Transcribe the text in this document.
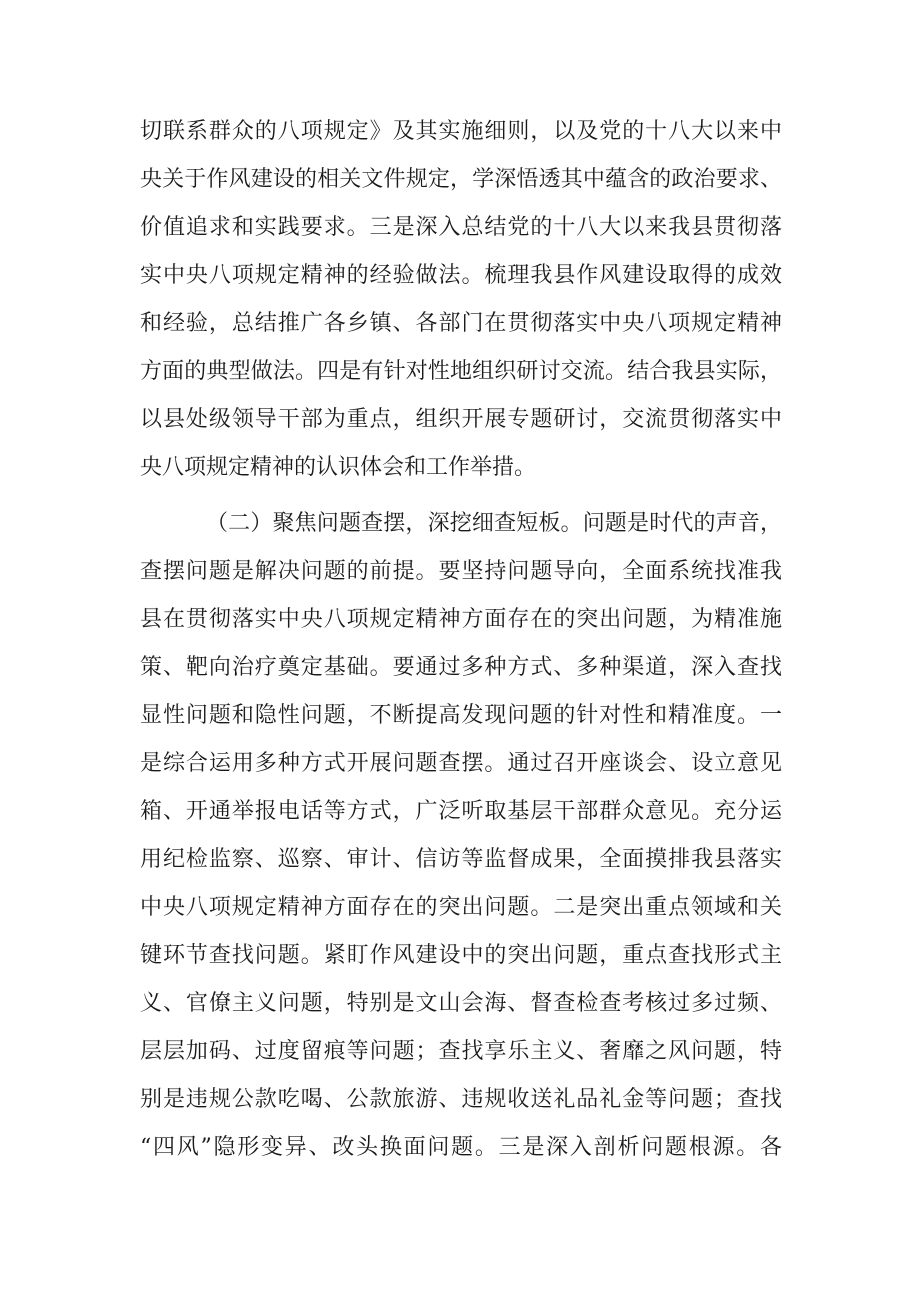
切联系群众的八项规定》及其实施细则，以及党的十八大以来中
央关于作风建设的相关文件规定，学深悟透其中蕴含的政治要求、
价值追求和实践要求。三是深入总结党的十八大以来我县贯彻落
实中央八项规定精神的经验做法。梳理我县作风建设取得的成效
和经验，总结推广各乡镇、各部门在贯彻落实中央八项规定精神
方面的典型做法。四是有针对性地组织研讨交流。结合我县实际，
以县处级领导干部为重点，组织开展专题研讨，交流贯彻落实中
央八项规定精神的认识体会和工作举措。
（二）聚焦问题查摆，深挖细查短板。问题是时代的声音，
查摆问题是解决问题的前提。要坚持问题导向，全面系统找准我
县在贯彻落实中央八项规定精神方面存在的突出问题，为精准施
策、靶向治疗奠定基础。要通过多种方式、多种渠道，深入查找
显性问题和隐性问题，不断提高发现问题的针对性和精准度。一
是综合运用多种方式开展问题查摆。通过召开座谈会、设立意见
箱、开通举报电话等方式，广泛听取基层干部群众意见。充分运
用纪检监察、巡察、审计、信访等监督成果，全面摸排我县落实
中央八项规定精神方面存在的突出问题。二是突出重点领域和关
键环节查找问题。紧盯作风建设中的突出问题，重点查找形式主
义、官僚主义问题，特别是文山会海、督查检查考核过多过频、
层层加码、过度留痕等问题；查找享乐主义、奢靡之风问题，特
别是违规公款吃喝、公款旅游、违规收送礼品礼金等问题；查找
“四风”隐形变异、改头换面问题。三是深入剖析问题根源。各
